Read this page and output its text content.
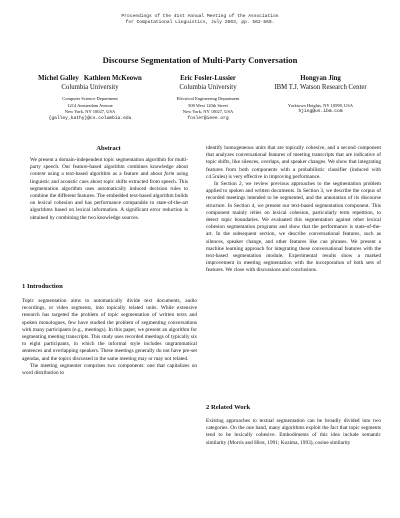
Proceedings of the 41st Annual Meeting of the Association
for Computational Linguistics, July 2003, pp. 562-569.
Discourse Segmentation of Multi-Party Conversation
Michel Galley   Kathleen McKeown
Columbia University
Computer Science Department
1214 Amsterdam Avenue
New York, NY 10027, USA
{galley,kathy}@cs.columbia.edu
Eric Fosler-Lussier
Columbia University
Electrical Engineering Department
500 West 120th Street
New York, NY 10027, USA
fosler@ieee.org
Hongyan Jing
IBM T.J. Watson Research Center
Yorktown Heights, NY 10598, USA
hjing@us.ibm.com
Abstract
We present a domain-independent topic segmentation algorithm for multi-party speech. Our feature-based algorithm combines knowledge about content using a text-based algorithm as a feature and about form using linguistic and acoustic cues about topic shifts extracted from speech. This segmentation algorithm uses automatically induced decision rules to combine the different features. The embedded text-based algorithm builds on lexical cohesion and has performance comparable to state-of-the-art algorithms based on lexical information. A significant error reduction is obtained by combining the two knowledge sources.
1 Introduction

Topic segmentation aims to automatically divide text documents, audio recordings, or video segments, into topically related units. While extensive research has targeted the problem of topic segmentation of written texts and spoken monologues, few have studied the problem of segmenting conversations with many participants (e.g., meetings). In this paper, we present an algorithm for segmenting meeting transcripts. This study uses recorded meetings of typically six to eight participants, in which the informal style includes ungrammatical sentences and overlapping speakers. These meetings generally do not have pre-set agendas, and the topics discussed in the same meeting may or may not related.

The meeting segmenter comprises two components: one that capitalizes on word distribution to

identify homogeneous units that are topically cohesive, and a second component that analyzes conversational features of meeting transcripts that are indicative of topic shifts, like silences, overlaps, and speaker changes. We show that integrating features from both components with a probabilistic classifier (induced with c4.5rules) is very effective in improving performance.

In Section 2, we review previous approaches to the segmentation problem applied to spoken and written documents. In Section 3, we describe the corpus of recorded meetings intended to be segmented, and the annotation of its discourse structure. In Section 4, we present our text-based segmentation component. This component mainly relies on lexical cohesion, particularly term repetition, to detect topic boundaries. We evaluated this segmentation against other lexical cohesion segmentation programs and show that the performance is state-of-the-art. In the subsequent section, we describe conversational features, such as silences, speaker change, and other features like cue phrases. We present a machine learning approach for integrating these conversational features with the text-based segmentation module. Experimental results show a marked improvement in meeting segmentation with the incorporation of both sets of features. We close with discussions and conclusions.

2 Related Work

Existing approaches to textual segmentation can be broadly divided into two categories. On the one hand, many algorithms exploit the fact that topic segments tend to be lexically cohesive. Embodiments of this idea include semantic similarity (Morris and Hirst, 1991; Kozima, 1993), cosine similarity
